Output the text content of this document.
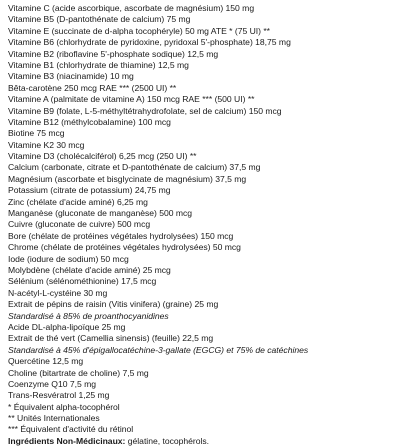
Vitamine C (acide ascorbique, ascorbate de magnésium) 150 mg
Vitamine B5 (D-pantothénate de calcium) 75 mg
Vitamine E (succinate de d-alpha tocophéryle) 50 mg ATE * (75 UI) **
Vitamine B6 (chlorhydrate de pyridoxine, pyridoxal 5'-phosphate) 18,75 mg
Vitamine B2 (riboflavine 5'-phosphate sodique) 12,5 mg
Vitamine B1 (chlorhydrate de thiamine) 12,5 mg
Vitamine B3 (niacinamide) 10 mg
Bêta-carotène 250 mcg RAE *** (2500 UI) **
Vitamine A (palmitate de vitamine A) 150 mcg RAE *** (500 UI) **
Vitamine B9 (folate, L-5-méthyltétrahydrofolate, sel de calcium) 150 mcg
Vitamine B12 (méthylcobalamine) 100 mcg
Biotine 75 mcg
Vitamine K2 30 mcg
Vitamine D3 (cholécalciférol) 6,25 mcg (250 UI) **
Calcium (carbonate, citrate et D-pantothénate de calcium) 37,5 mg
Magnésium (ascorbate et bisglycinate de magnésium) 37,5 mg
Potassium (citrate de potassium) 24,75 mg
Zinc (chélate d'acide aminé) 6,25 mg
Manganèse (gluconate de manganèse) 500 mcg
Cuivre (gluconate de cuivre) 500 mcg
Bore (chélate de protéines végétales hydrolysées) 150 mcg
Chrome (chélate de protéines végétales hydrolysées) 50 mcg
Iode (iodure de sodium) 50 mcg
Molybdène (chélate d'acide aminé) 25 mcg
Sélénium (sélénométhionine) 17,5 mcg
N-acétyl-L-cystéine 30 mg
Extrait de pépins de raisin (Vitis vinifera) (graine) 25 mg
Standardisé à 85% de proanthocyanidines
Acide DL-alpha-lipoïque 25 mg
Extrait de thé vert (Camellia sinensis) (feuille) 22,5 mg
Standardisé à 45% d'épigallocatéchine-3-gallate (EGCG) et 75% de catéchines
Quercétine 12,5 mg
Choline (bitartrate de choline) 7,5 mg
Coenzyme Q10 7,5 mg
Trans-Resvératrol 1,25 mg
* Équivalent alpha-tocophérol
** Unités Internationales
*** Équivalent d'activité du rétinol
Ingrédients Non-Médicinaux: gélatine, tocophérols.
